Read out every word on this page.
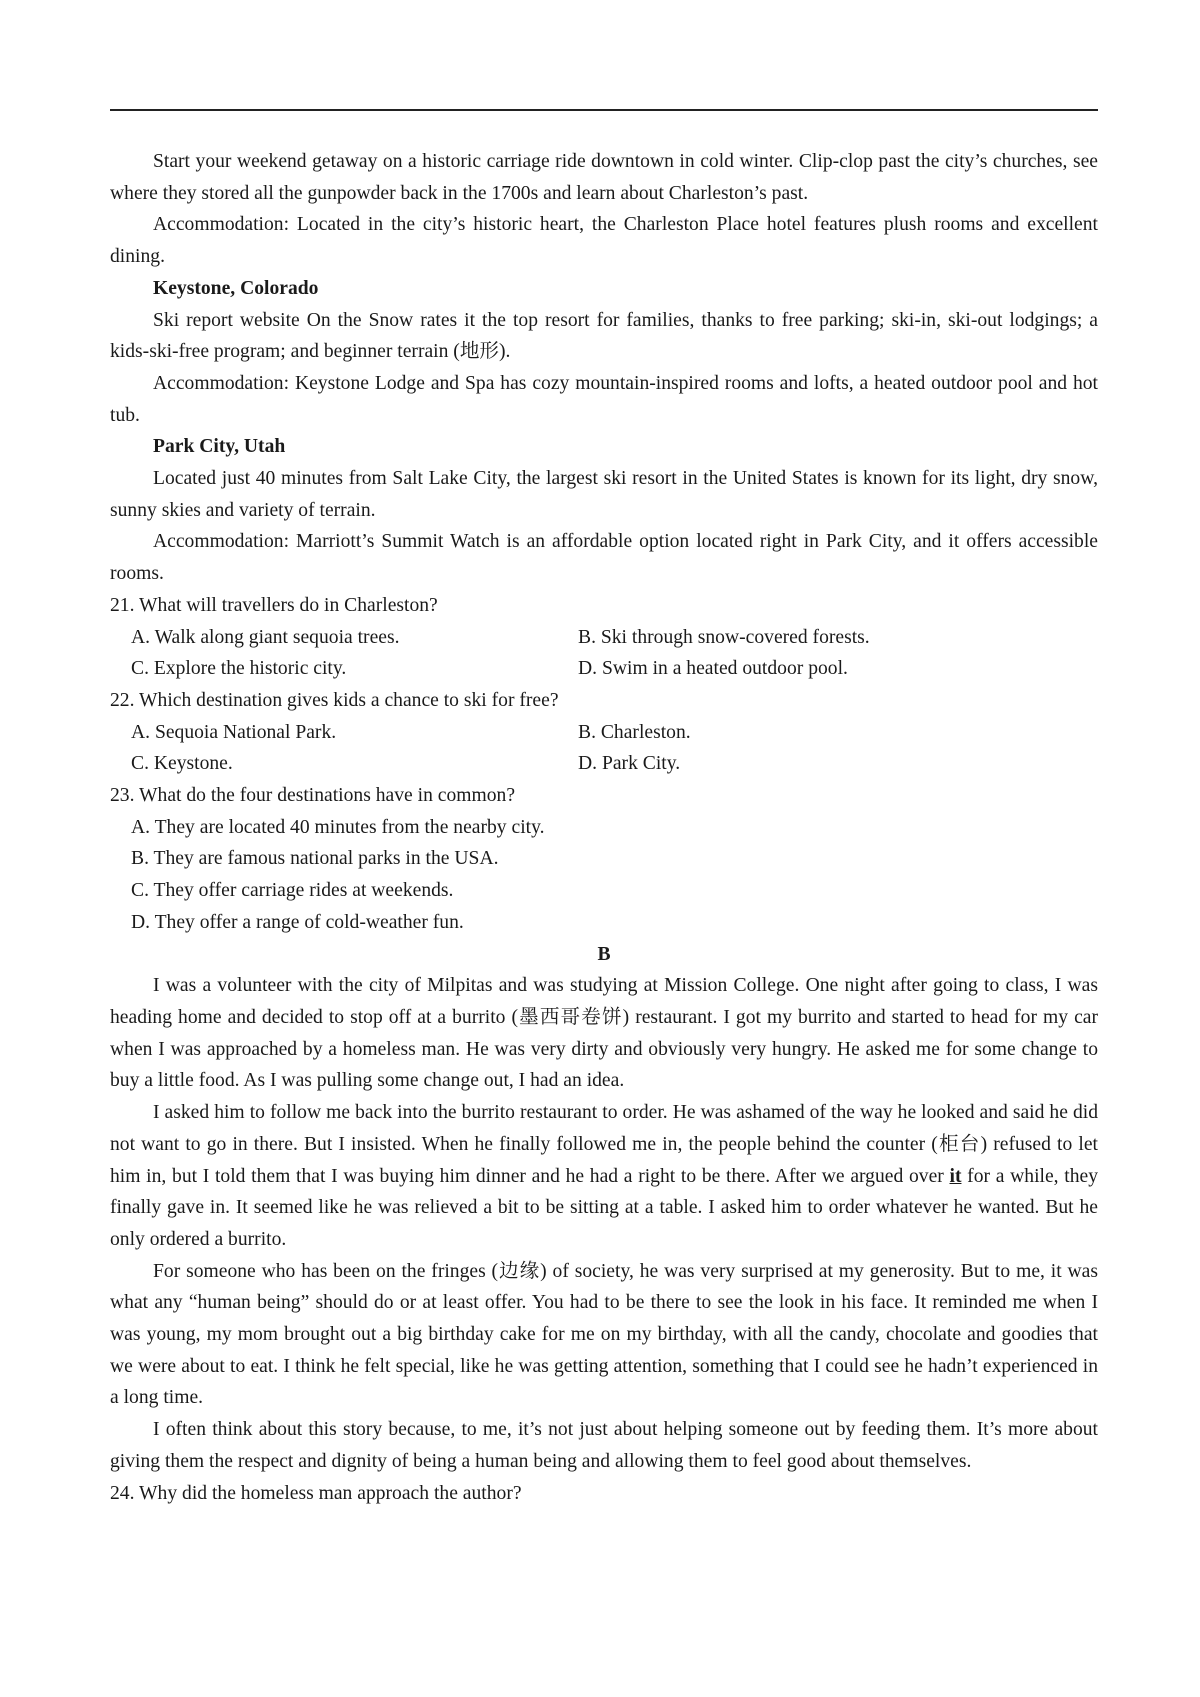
Start your weekend getaway on a historic carriage ride downtown in cold winter. Clip-clop past the city’s churches, see where they stored all the gunpowder back in the 1700s and learn about Charleston’s past.

Accommodation: Located in the city’s historic heart, the Charleston Place hotel features plush rooms and excellent dining.

Keystone, Colorado

Ski report website On the Snow rates it the top resort for families, thanks to free parking; ski-in, ski-out lodgings; a kids-ski-free program; and beginner terrain (地形).

Accommodation: Keystone Lodge and Spa has cozy mountain-inspired rooms and lofts, a heated outdoor pool and hot tub.

Park City, Utah

Located just 40 minutes from Salt Lake City, the largest ski resort in the United States is known for its light, dry snow, sunny skies and variety of terrain.

Accommodation: Marriott’s Summit Watch is an affordable option located right in Park City, and it offers accessible rooms.

21. What will travellers do in Charleston?

A. Walk along giant sequoia trees.	B. Ski through snow-covered forests.

C. Explore the historic city.	D. Swim in a heated outdoor pool.

22. Which destination gives kids a chance to ski for free?

A. Sequoia National Park.	B. Charleston.

C. Keystone.	D. Park City.

23. What do the four destinations have in common?

A. They are located 40 minutes from the nearby city.

B. They are famous national parks in the USA.

C. They offer carriage rides at weekends.

D. They offer a range of cold-weather fun.

B

I was a volunteer with the city of Milpitas and was studying at Mission College. One night after going to class, I was heading home and decided to stop off at a burrito (墨西哥卷饼) restaurant. I got my burrito and started to head for my car when I was approached by a homeless man. He was very dirty and obviously very hungry. He asked me for some change to buy a little food. As I was pulling some change out, I had an idea.

I asked him to follow me back into the burrito restaurant to order. He was ashamed of the way he looked and said he did not want to go in there. But I insisted. When he finally followed me in, the people behind the counter (柜台) refused to let him in, but I told them that I was buying him dinner and he had a right to be there. After we argued over it for a while, they finally gave in. It seemed like he was relieved a bit to be sitting at a table. I asked him to order whatever he wanted. But he only ordered a burrito.

For someone who has been on the fringes (边缘) of society, he was very surprised at my generosity. But to me, it was what any “human being” should do or at least offer. You had to be there to see the look in his face. It reminded me when I was young, my mom brought out a big birthday cake for me on my birthday, with all the candy, chocolate and goodies that we were about to eat. I think he felt special, like he was getting attention, something that I could see he hadn’t experienced in a long time.

I often think about this story because, to me, it’s not just about helping someone out by feeding them. It’s more about giving them the respect and dignity of being a human being and allowing them to feel good about themselves.

24. Why did the homeless man approach the author?
